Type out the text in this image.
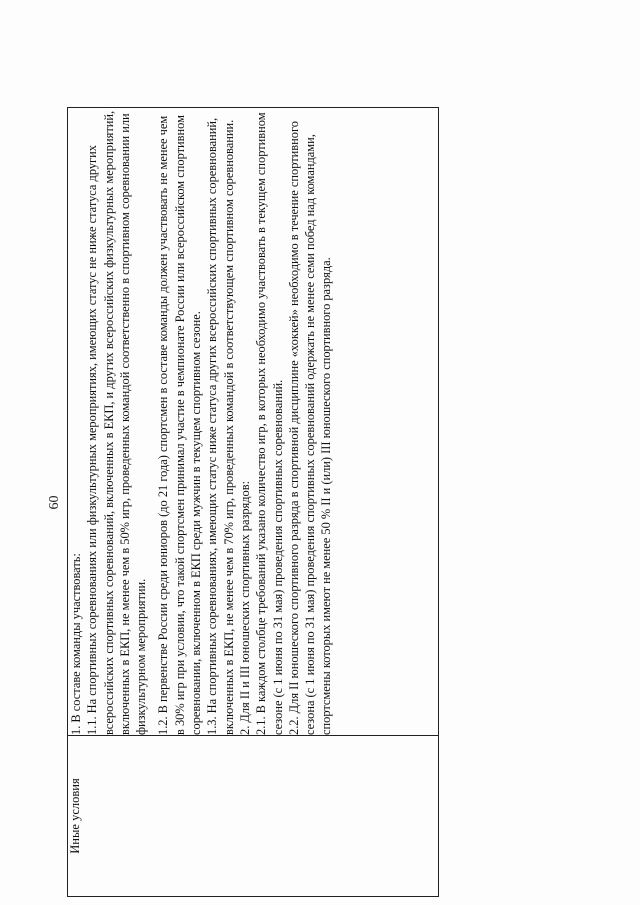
60
Иные условия	

1. В составе команды участвовать: 1.1. На спортивных соревнованиях или физкультурных мероприятиях, имеющих статус не ниже статуса других всероссийских спортивных соревнований, включенных в ЕКП, и других всероссийских физкультурных мероприятий, включенных в ЕКП, не менее чем в 50% игр, проведенных командой соответственно в спортивном соревновании или физкультурном мероприятии. 1.2. В первенстве России среди юниоров (до 21 года) спортсмен в составе команды должен участвовать не менее чем в 30% игр при условии, что такой спортсмен принимал участие в чемпионате России или всероссийском спортивном соревновании, включенном в ЕКП среди мужчин в текущем спортивном сезоне. 1.3. На спортивных соревнованиях, имеющих статус ниже статуса других всероссийских спортивных соревнований, включенных в ЕКП, не менее чем в 70% игр, проведенных командой в соответствующем спортивном соревновании. 2. Для II и III юношеских спортивных разрядов: 2.1. В каждом столбце требований указано количество игр, в которых необходимо участвовать в текущем спортивном сезоне (с 1 июня по 31 мая) проведения спортивных соревнований. 2.2. Для II юношеского спортивного разряда в спортивной дисциплине «хоккей» необходимо в течение спортивного сезона (с 1 июня по 31 мая) проведения спортивных соревнований одержать не менее семи побед над командами, спортсмены которых имеют не менее 50 % II и (или) III юношеского спортивного разряда.
